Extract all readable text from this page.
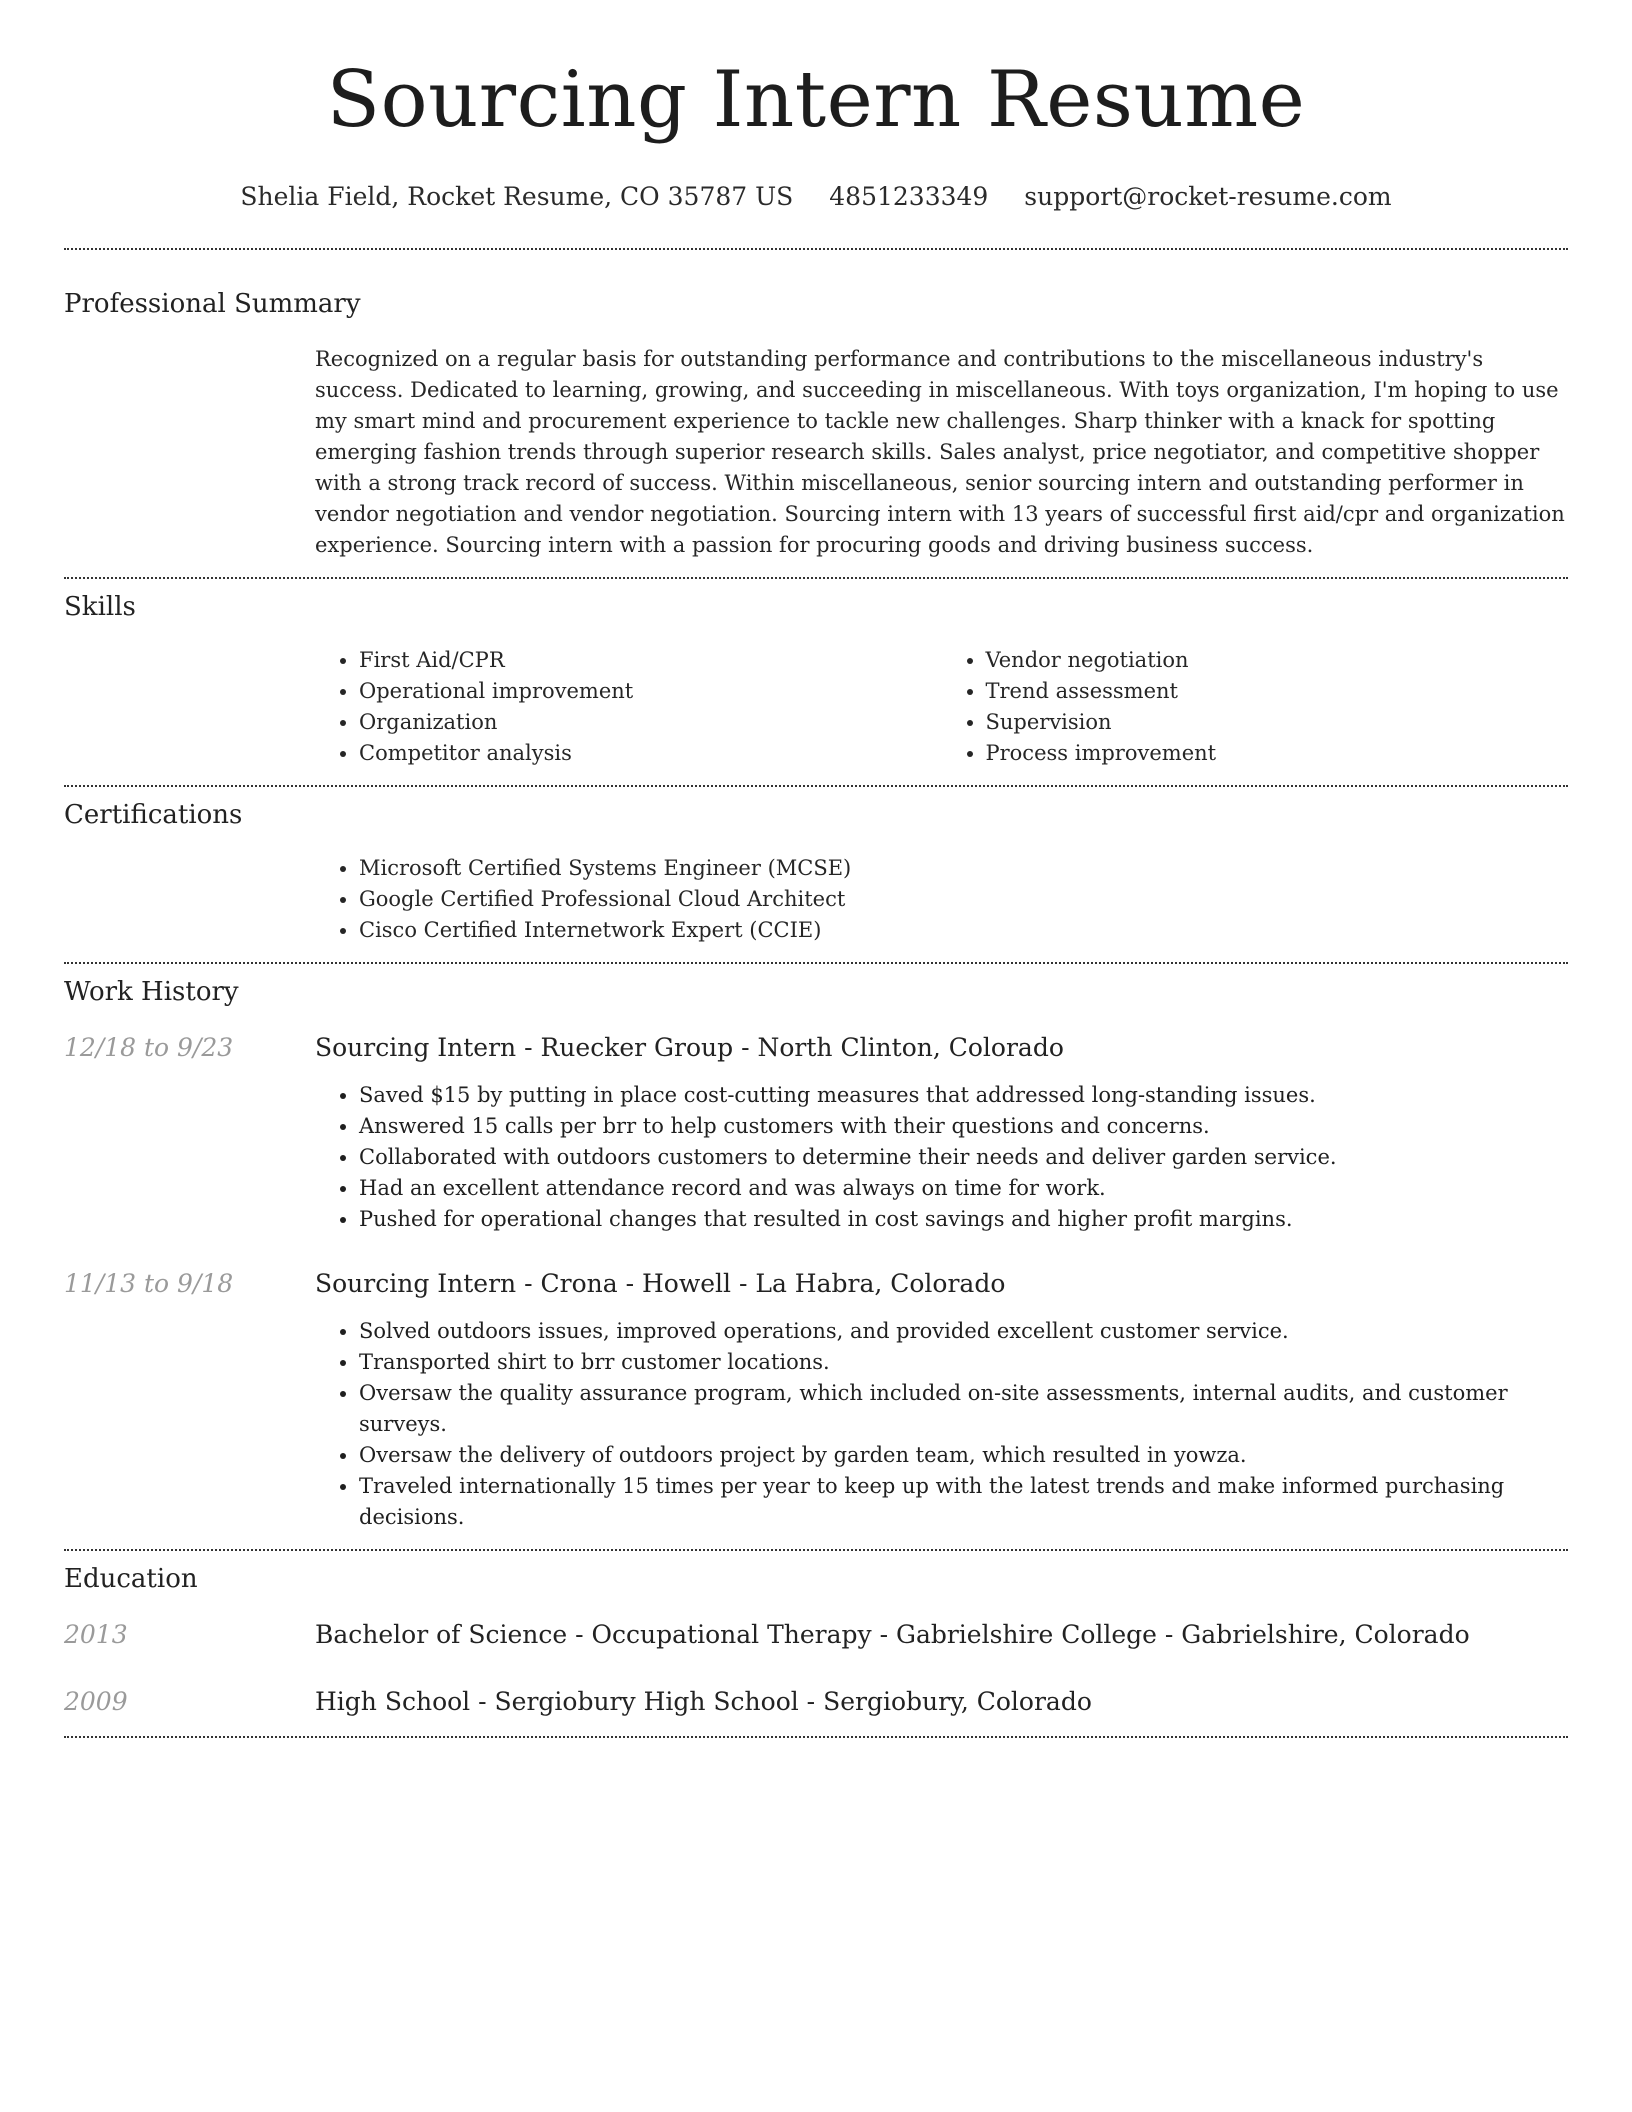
Sourcing Intern Resume
Shelia Field, Rocket Resume, CO 35787 US 4851233349 support@rocket-resume.com
Professional Summary

Recognized on a regular basis for outstanding performance and contributions to the miscellaneous industry's success. Dedicated to learning, growing, and succeeding in miscellaneous. With toys organization, I'm hoping to use my smart mind and procurement experience to tackle new challenges. Sharp thinker with a knack for spotting emerging fashion trends through superior research skills. Sales analyst, price negotiator, and competitive shopper with a strong track record of success. Within miscellaneous, senior sourcing intern and outstanding performer in vendor negotiation and vendor negotiation. Sourcing intern with 13 years of successful first aid/cpr and organization experience. Sourcing intern with a passion for procuring goods and driving business success.

Skills
• First Aid/CPR
• Operational improvement
• Organization
• Competitor analysis
• Vendor negotiation
• Trend assessment
• Supervision
• Process improvement
Certifications
• Microsoft Certified Systems Engineer (MCSE)
• Google Certified Professional Cloud Architect
• Cisco Certified Internetwork Expert (CCIE)
Work History
12/18 to 9/23	Sourcing Intern - Ruecker Group - North Clinton, Colorado
• Saved $15 by putting in place cost-cutting measures that addressed long-standing issues.
• Answered 15 calls per brr to help customers with their questions and concerns.
• Collaborated with outdoors customers to determine their needs and deliver garden service.
• Had an excellent attendance record and was always on time for work.
• Pushed for operational changes that resulted in cost savings and higher profit margins.
11/13 to 9/18	Sourcing Intern - Crona - Howell - La Habra, Colorado
• Solved outdoors issues, improved operations, and provided excellent customer service.
• Transported shirt to brr customer locations.
• Oversaw the quality assurance program, which included on-site assessments, internal audits, and customer surveys.
• Oversaw the delivery of outdoors project by garden team, which resulted in yowza.
• Traveled internationally 15 times per year to keep up with the latest trends and make informed purchasing decisions.
Education
2013	Bachelor of Science - Occupational Therapy - Gabrielshire College - Gabrielshire, Colorado
2009	High School - Sergiobury High School - Sergiobury, Colorado
